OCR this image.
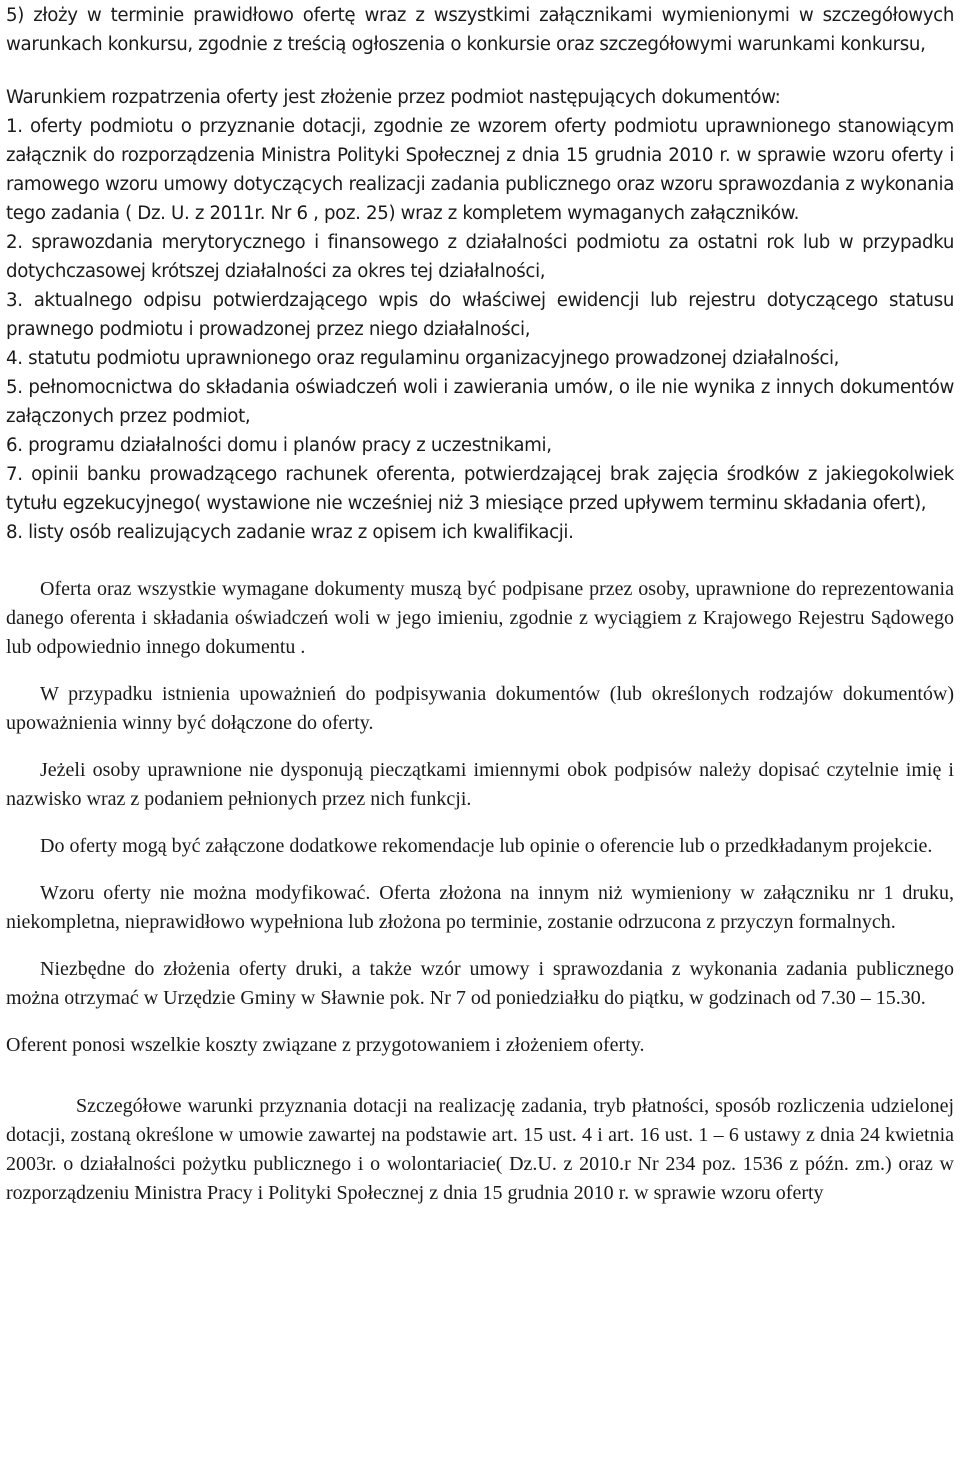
5) złoży w terminie prawidłowo ofertę wraz z wszystkimi załącznikami wymienionymi w szczegółowych warunkach konkursu, zgodnie z treścią ogłoszenia o konkursie oraz szczegółowymi warunkami konkursu,

Warunkiem rozpatrzenia oferty jest złożenie przez podmiot następujących dokumentów:

1. oferty podmiotu o przyznanie dotacji, zgodnie ze wzorem oferty podmiotu uprawnionego stanowiącym załącznik do rozporządzenia Ministra Polityki Społecznej z dnia 15 grudnia 2010 r. w sprawie wzoru oferty i ramowego wzoru umowy dotyczących realizacji zadania publicznego oraz wzoru sprawozdania z wykonania tego zadania ( Dz. U. z 2011r. Nr 6 , poz. 25) wraz z kompletem wymaganych załączników.

2. sprawozdania merytorycznego i finansowego z działalności podmiotu za ostatni rok lub w przypadku dotychczasowej krótszej działalności za okres tej działalności,

3. aktualnego odpisu potwierdzającego wpis do właściwej ewidencji lub rejestru dotyczącego statusu prawnego podmiotu i prowadzonej przez niego działalności,

4. statutu podmiotu uprawnionego oraz regulaminu organizacyjnego prowadzonej działalności,

5. pełnomocnictwa do składania oświadczeń woli i zawierania umów, o ile nie wynika z innych dokumentów załączonych przez podmiot,

6. programu działalności domu i planów pracy z uczestnikami,

7. opinii banku prowadzącego rachunek oferenta, potwierdzającej brak zajęcia środków z jakiegokolwiek tytułu egzekucyjnego( wystawione nie wcześniej niż 3 miesiące przed upływem terminu składania ofert),

8. listy osób realizujących zadanie wraz z opisem ich kwalifikacji.

Oferta oraz wszystkie wymagane dokumenty muszą być podpisane przez osoby, uprawnione do reprezentowania danego oferenta i składania oświadczeń woli w jego imieniu, zgodnie z wyciągiem z Krajowego Rejestru Sądowego lub odpowiednio innego dokumentu .

W przypadku istnienia upoważnień do podpisywania dokumentów (lub określonych rodzajów dokumentów) upoważnienia winny być dołączone do oferty.

Jeżeli osoby uprawnione nie dysponują pieczątkami imiennymi obok podpisów należy dopisać czytelnie imię i nazwisko wraz z podaniem pełnionych przez nich funkcji.

Do oferty mogą być załączone dodatkowe rekomendacje lub opinie o oferencie lub o przedkładanym projekcie.

Wzoru oferty nie można modyfikować. Oferta złożona na innym niż wymieniony w załączniku nr 1 druku, niekompletna, nieprawidłowo wypełniona lub złożona po terminie, zostanie odrzucona z przyczyn formalnych.

Niezbędne do złożenia oferty druki, a także wzór umowy i sprawozdania z wykonania zadania publicznego można otrzymać w Urzędzie Gminy w Sławnie pok. Nr 7 od poniedziałku do piątku, w godzinach od 7.30 – 15.30.

Oferent ponosi wszelkie koszty związane z przygotowaniem i złożeniem oferty.

Szczegółowe warunki przyznania dotacji na realizację zadania, tryb płatności, sposób rozliczenia udzielonej dotacji, zostaną określone w umowie zawartej na podstawie art. 15 ust. 4 i art. 16 ust. 1 – 6 ustawy z dnia 24 kwietnia 2003r. o działalności pożytku publicznego i o wolontariacie( Dz.U. z 2010.r Nr 234 poz. 1536 z późn. zm.) oraz w rozporządzeniu Ministra Pracy i Polityki Społecznej z dnia 15 grudnia 2010 r. w sprawie wzoru oferty
